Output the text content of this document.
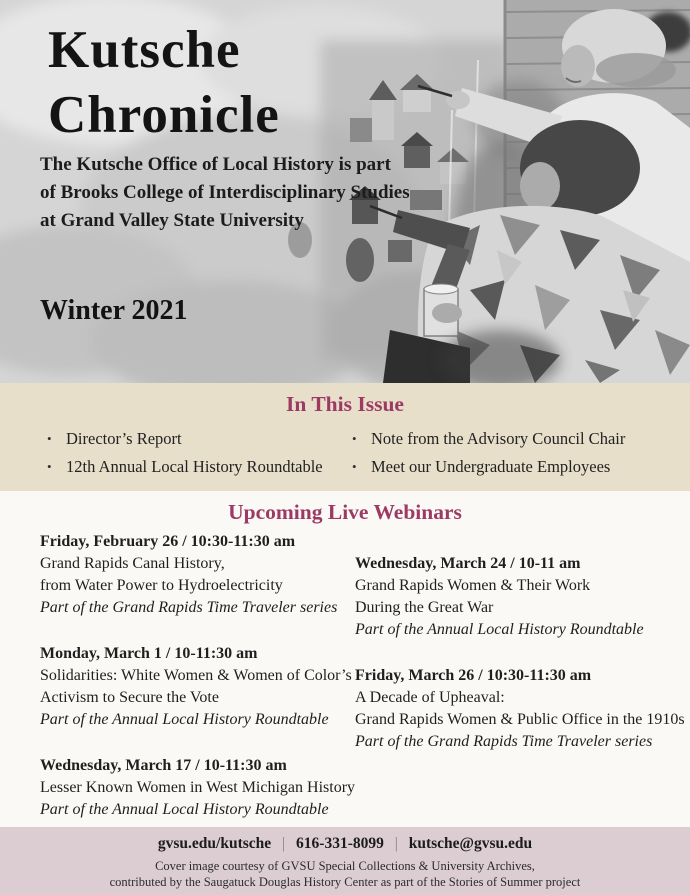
Kutsche
Chronicle
The Kutsche Office of Local History is part
of Brooks College of Interdisciplinary Studies
at Grand Valley State University
Winter 2021
In This Issue
• Director’s Report
• 12th Annual Local History Roundtable
• Note from the Advisory Council Chair
• Meet our Undergraduate Employees
Upcoming Live Webinars
Friday, February 26 / 10:30-11:30 am
Grand Rapids Canal History,
from Water Power to Hydroelectricity
Part of the Grand Rapids Time Traveler series
Monday, March 1 / 10-11:30 am
Solidarities: White Women & Women of Color’s
Activism to Secure the Vote
Part of the Annual Local History Roundtable
Wednesday, March 17 / 10-11:30 am
Lesser Known Women in West Michigan History
Part of the Annual Local History Roundtable
Wednesday, March 24 / 10-11 am
Grand Rapids Women & Their Work
During the Great War
Part of the Annual Local History Roundtable
Friday, March 26 / 10:30-11:30 am
A Decade of Upheaval:
Grand Rapids Women & Public Office in the 1910s
Part of the Grand Rapids Time Traveler series
gvsu.edu/kutsche | 616-331-8099 | kutsche@gvsu.edu
Cover image courtesy of GVSU Special Collections & University Archives,
contributed by the Saugatuck Douglas History Center as part of the Stories of Summer project
